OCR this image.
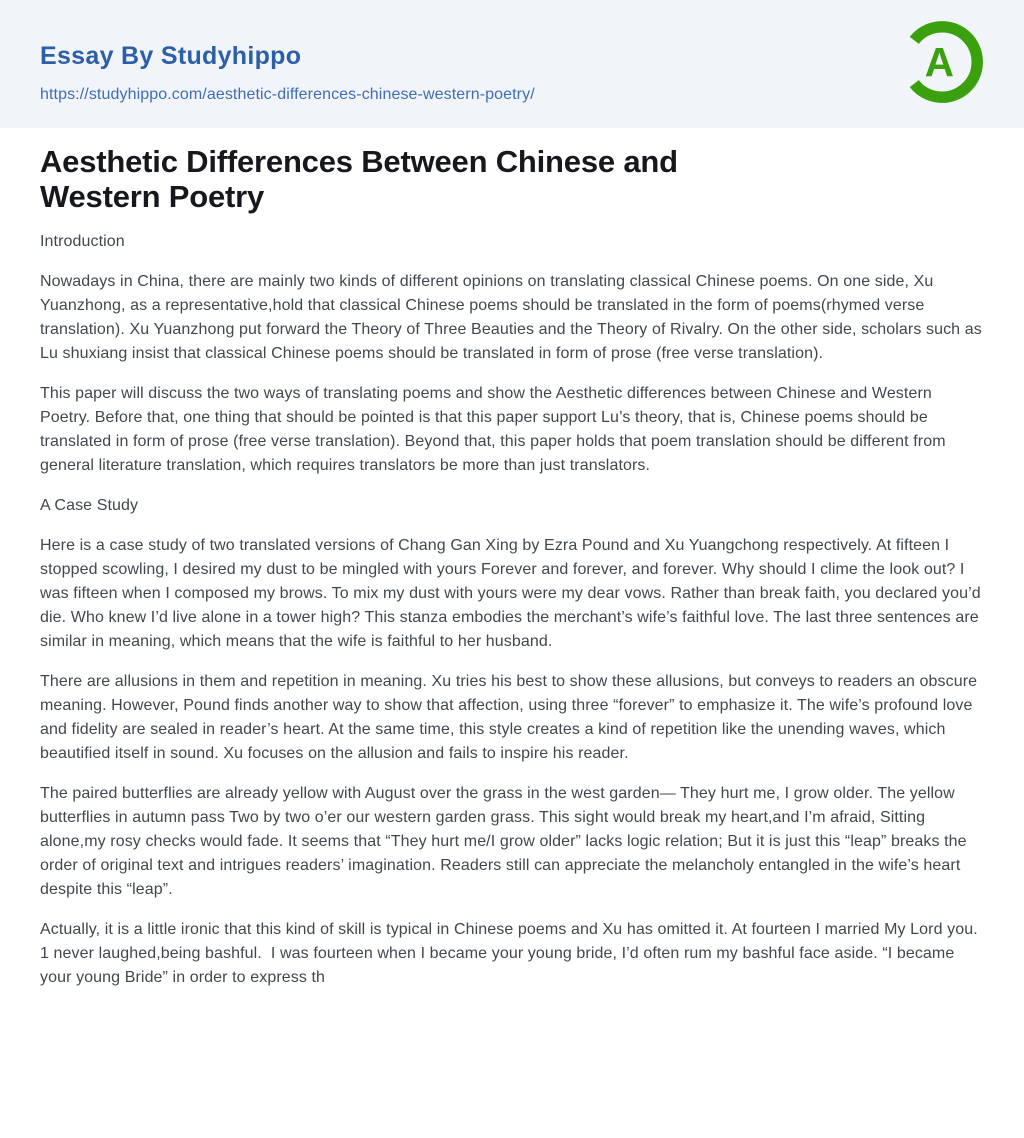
Essay By Studyhippo
https://studyhippo.com/aesthetic-differences-chinese-western-poetry/
A
Aesthetic Differences Between Chinese and
Western Poetry
Introduction

Nowadays in China, there are mainly two kinds of different opinions on translating classical Chinese poems. On one side, Xu Yuanzhong, as a representative,hold that classical Chinese poems should be translated in the form of poems(rhymed verse translation). Xu Yuanzhong put forward the Theory of Three Beauties and the Theory of Rivalry. On the other side, scholars such as Lu shuxiang insist that classical Chinese poems should be translated in form of prose (free verse translation).

This paper will discuss the two ways of translating poems and show the Aesthetic differences between Chinese and Western Poetry. Before that, one thing that should be pointed is that this paper support Lu’s theory, that is, Chinese poems should be translated in form of prose (free verse translation). Beyond that, this paper holds that poem translation should be different from general literature translation, which requires translators be more than just translators.

A Case Study

Here is a case study of two translated versions of Chang Gan Xing by Ezra Pound and Xu Yuangchong respectively. At fifteen I stopped scowling, I desired my dust to be mingled with yours Forever and forever, and forever. Why should I clime the look out? I was fifteen when I composed my brows. To mix my dust with yours were my dear vows. Rather than break faith, you declared you’d die. Who knew I’d live alone in a tower high? This stanza embodies the merchant’s wife’s faithful love. The last three sentences are similar in meaning, which means that the wife is faithful to her husband.

There are allusions in them and repetition in meaning. Xu tries his best to show these allusions, but conveys to readers an obscure meaning. However, Pound finds another way to show that affection, using three “forever” to emphasize it. The wife’s profound love and fidelity are sealed in reader’s heart. At the same time, this style creates a kind of repetition like the unending waves, which beautified itself in sound. Xu focuses on the allusion and fails to inspire his reader.

The paired butterflies are already yellow with August over the grass in the west garden— They hurt me, I grow older. The yellow butterflies in autumn pass Two by two o’er our western garden grass. This sight would break my heart,and I’m afraid, Sitting alone,my rosy checks would fade. It seems that “They hurt me/I grow older” lacks logic relation; But it is just this “leap” breaks the order of original text and intrigues readers’ imagination. Readers still can appreciate the melancholy entangled in the wife’s heart despite this “leap”.

Actually, it is a little ironic that this kind of skill is typical in Chinese poems and Xu has omitted it. At fourteen I married My Lord you. 1 never laughed,being bashful.  I was fourteen when I became your young bride, I’d often rum my bashful face aside. “I became your young Bride” in order to express th
